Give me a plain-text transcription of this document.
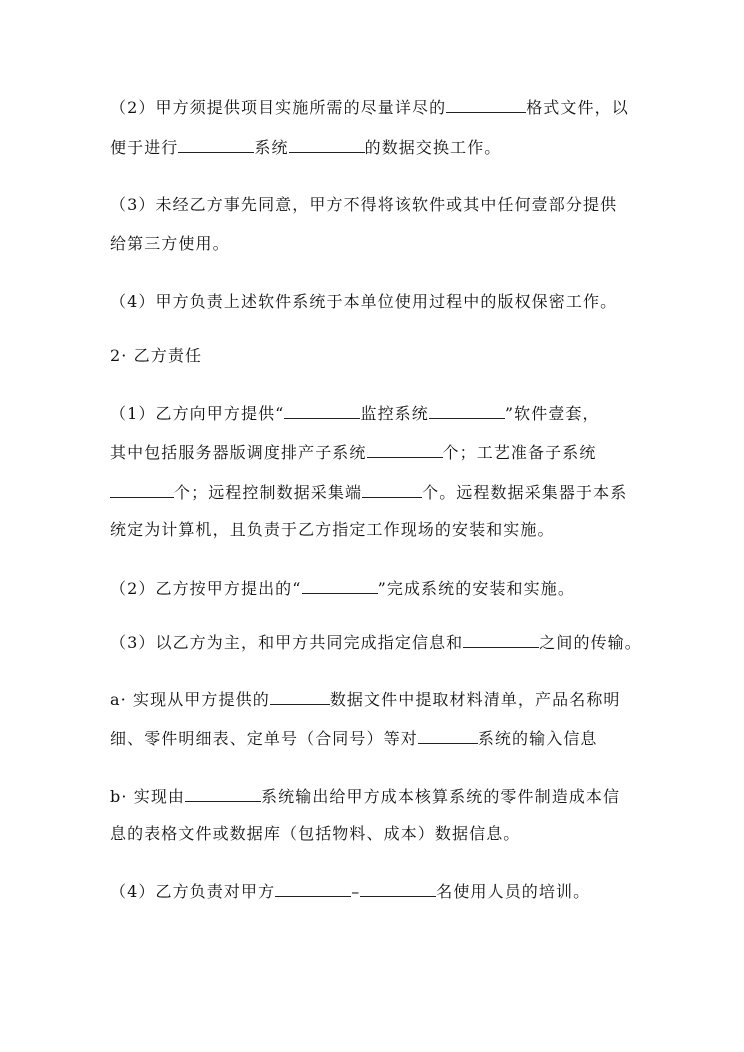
（2）甲方须提供项目实施所需的尽量详尽的	格式文件，以
便于进行	系统	的数据交换工作。
（3）未经乙方事先同意，甲方不得将该软件或其中任何壹部分提供
给第三方使用。
（4）甲方负责上述软件系统于本单位使用过程中的版权保密工作。
2· 乙方责任
（1）乙方向甲方提供“	监控系统	”软件壹套，
其中包括服务器版调度排产子系统	个；工艺准备子系统
个；远程控制数据采集端	个。远程数据采集器于本系
统定为计算机，且负责于乙方指定工作现场的安装和实施。
（2）乙方按甲方提出的“	”完成系统的安装和实施。
（3）以乙方为主，和甲方共同完成指定信息和	之间的传输。
a· 实现从甲方提供的	数据文件中提取材料清单，产品名称明
细、零件明细表、定单号（合同号）等对	系统的输入信息
b· 实现由	系统输出给甲方成本核算系统的零件制造成本信
息的表格文件或数据库（包括物料、成本）数据信息。
（4）乙方负责对甲方	–	名使用人员的培训。
